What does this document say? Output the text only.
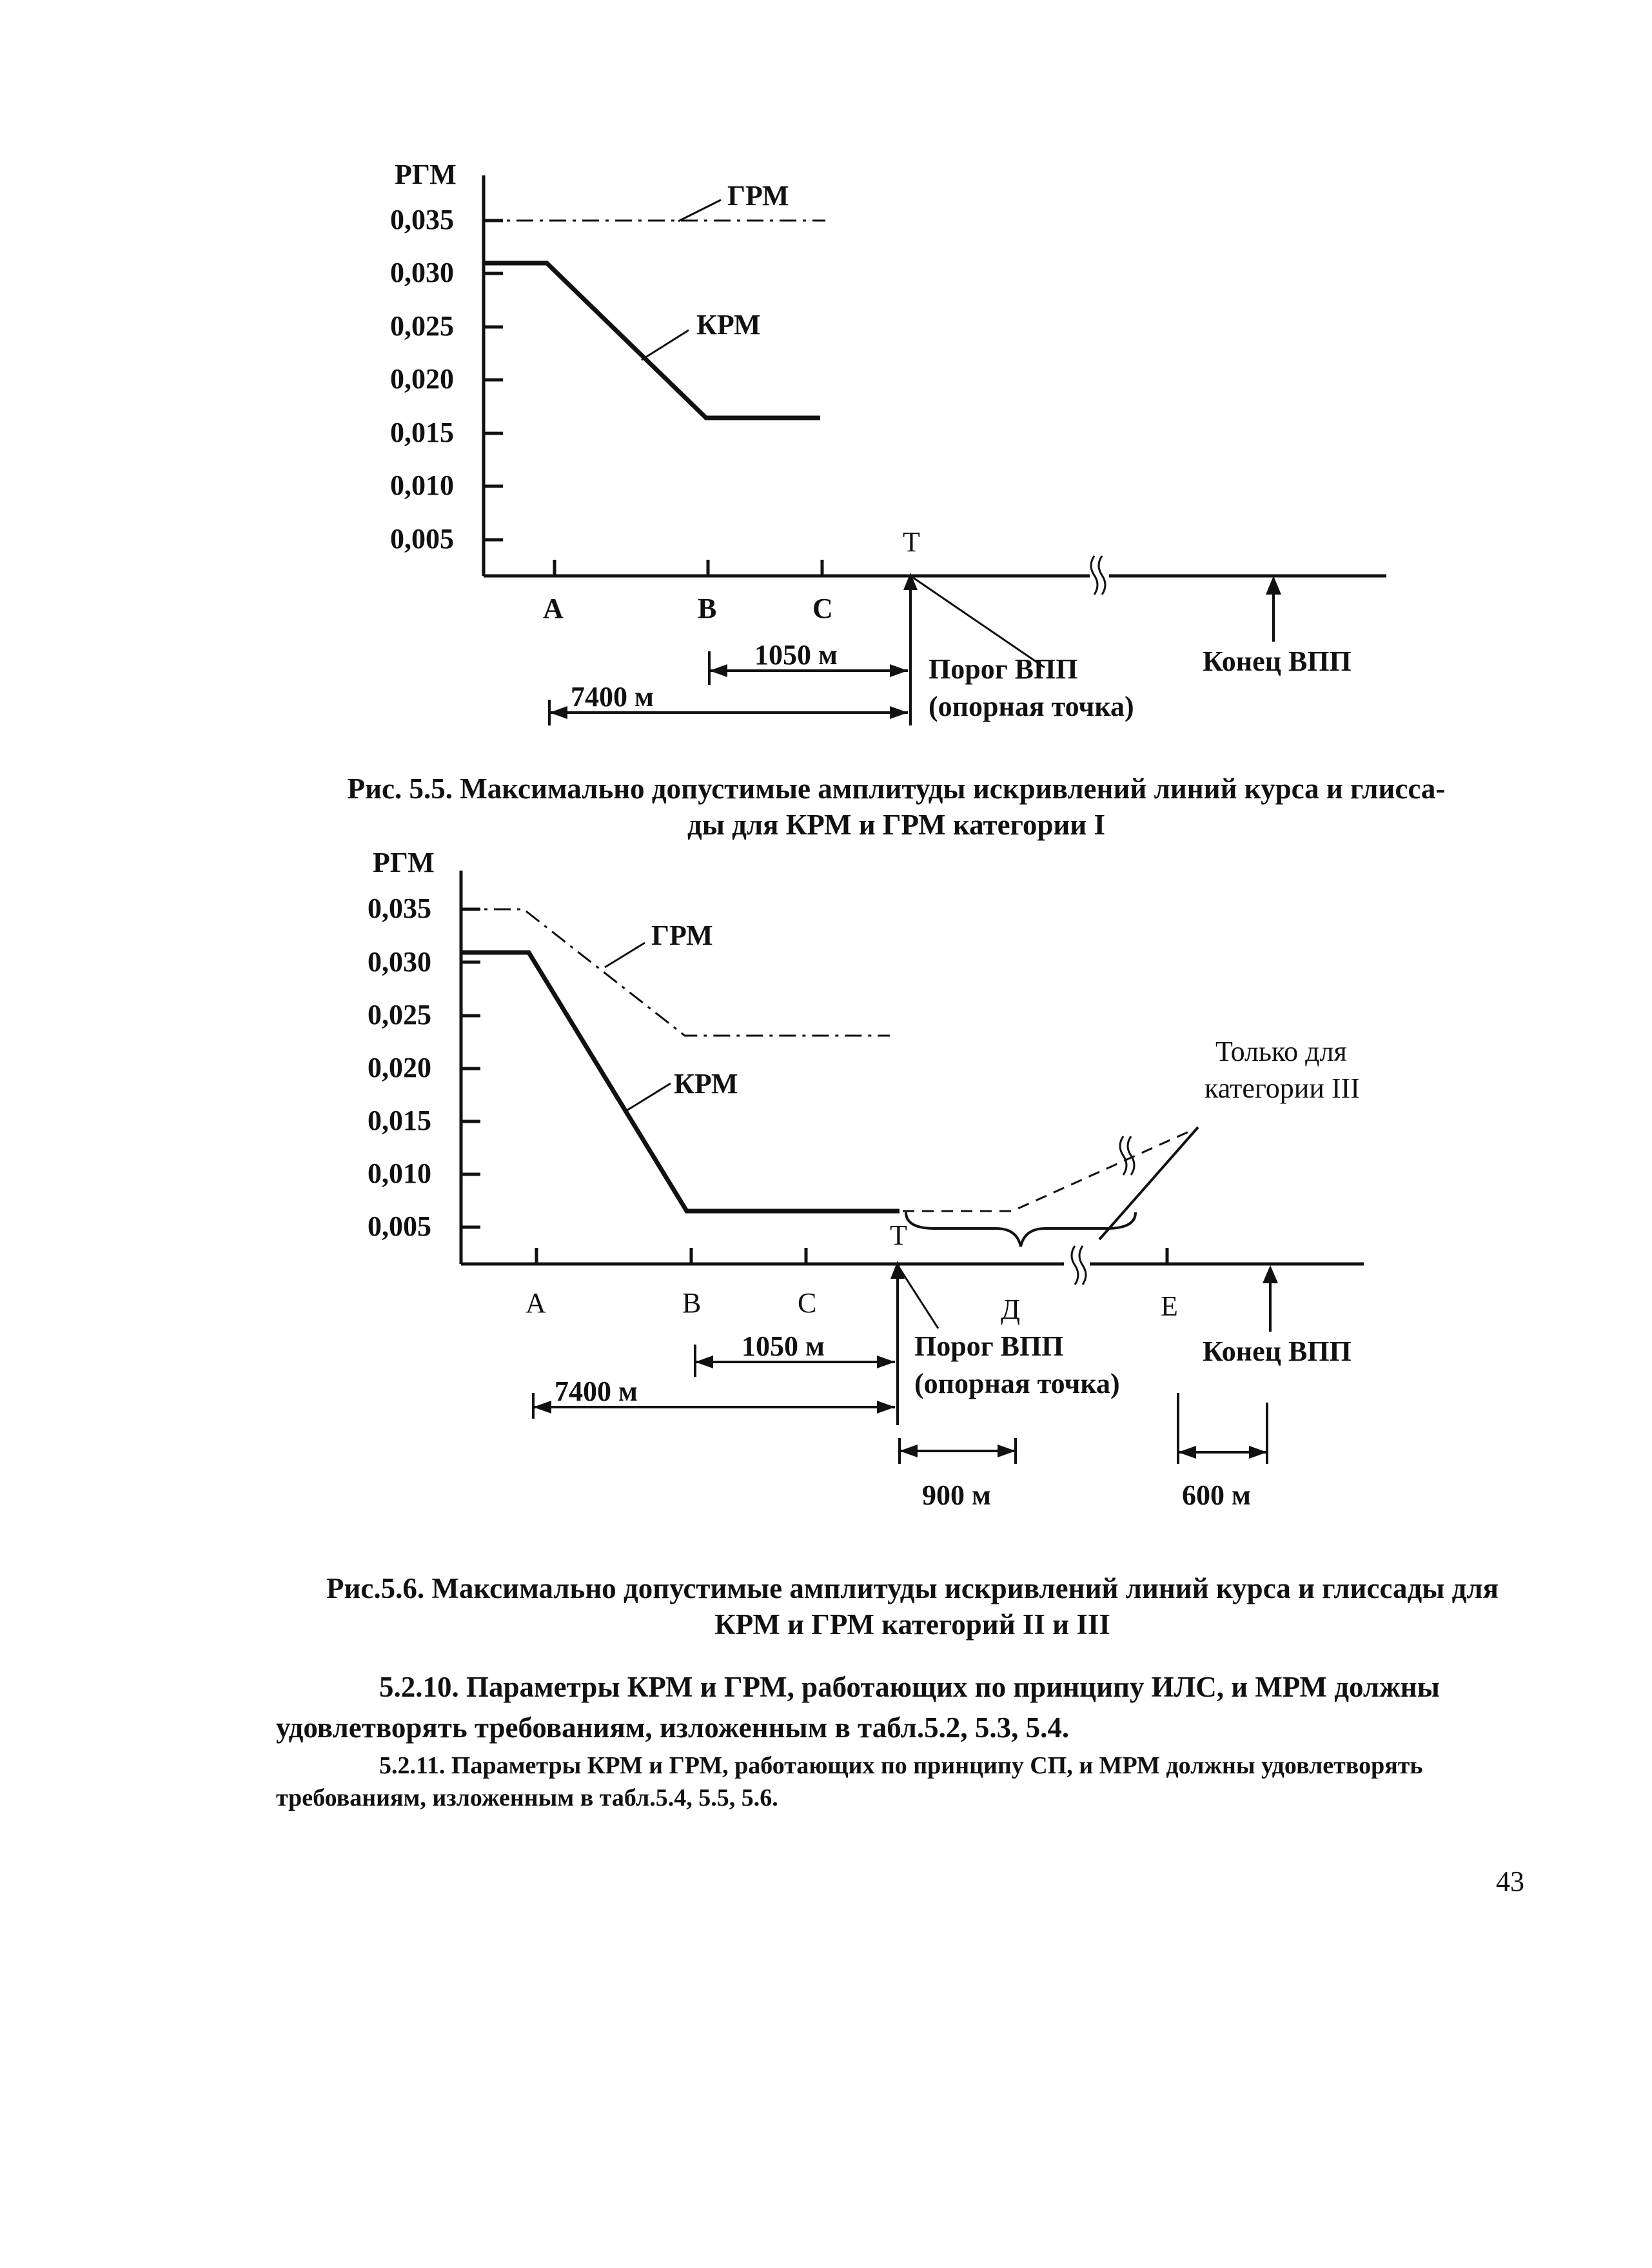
РГМ
0,035
0,030
0,025
0,020
0,015
0,010
0,005
ГРМ
КРМ
A	B	C
T
1050 м
7400 м
Порог ВПП
(опорная точка)
Конец ВПП
Рис. 5.5. Максимально допустимые амплитуды искривлений линий курса и глисса-
ды для КРМ и ГРМ категории I
РГМ
0,035
0,030
0,025
0,020
0,015
0,010
0,005
ГРМ
КРМ
Только для
категории III
A	B	C	Д	E
T
1050 м
7400 м
Порог ВПП
(опорная точка)
Конец ВПП
900 м	600 м
Рис.5.6. Максимально допустимые амплитуды искривлений линий курса и глиссады для
КРМ и ГРМ категорий II и III
5.2.10. Параметры КРМ и ГРМ, работающих по принципу ИЛС, и МРМ должны удовлетворять требованиям, изложенным в табл.5.2, 5.3, 5.4.
5.2.11. Параметры КРМ и ГРМ, работающих по принципу СП, и МРМ должны удовлетворять требованиям, изложенным в табл.5.4, 5.5, 5.6.
43
